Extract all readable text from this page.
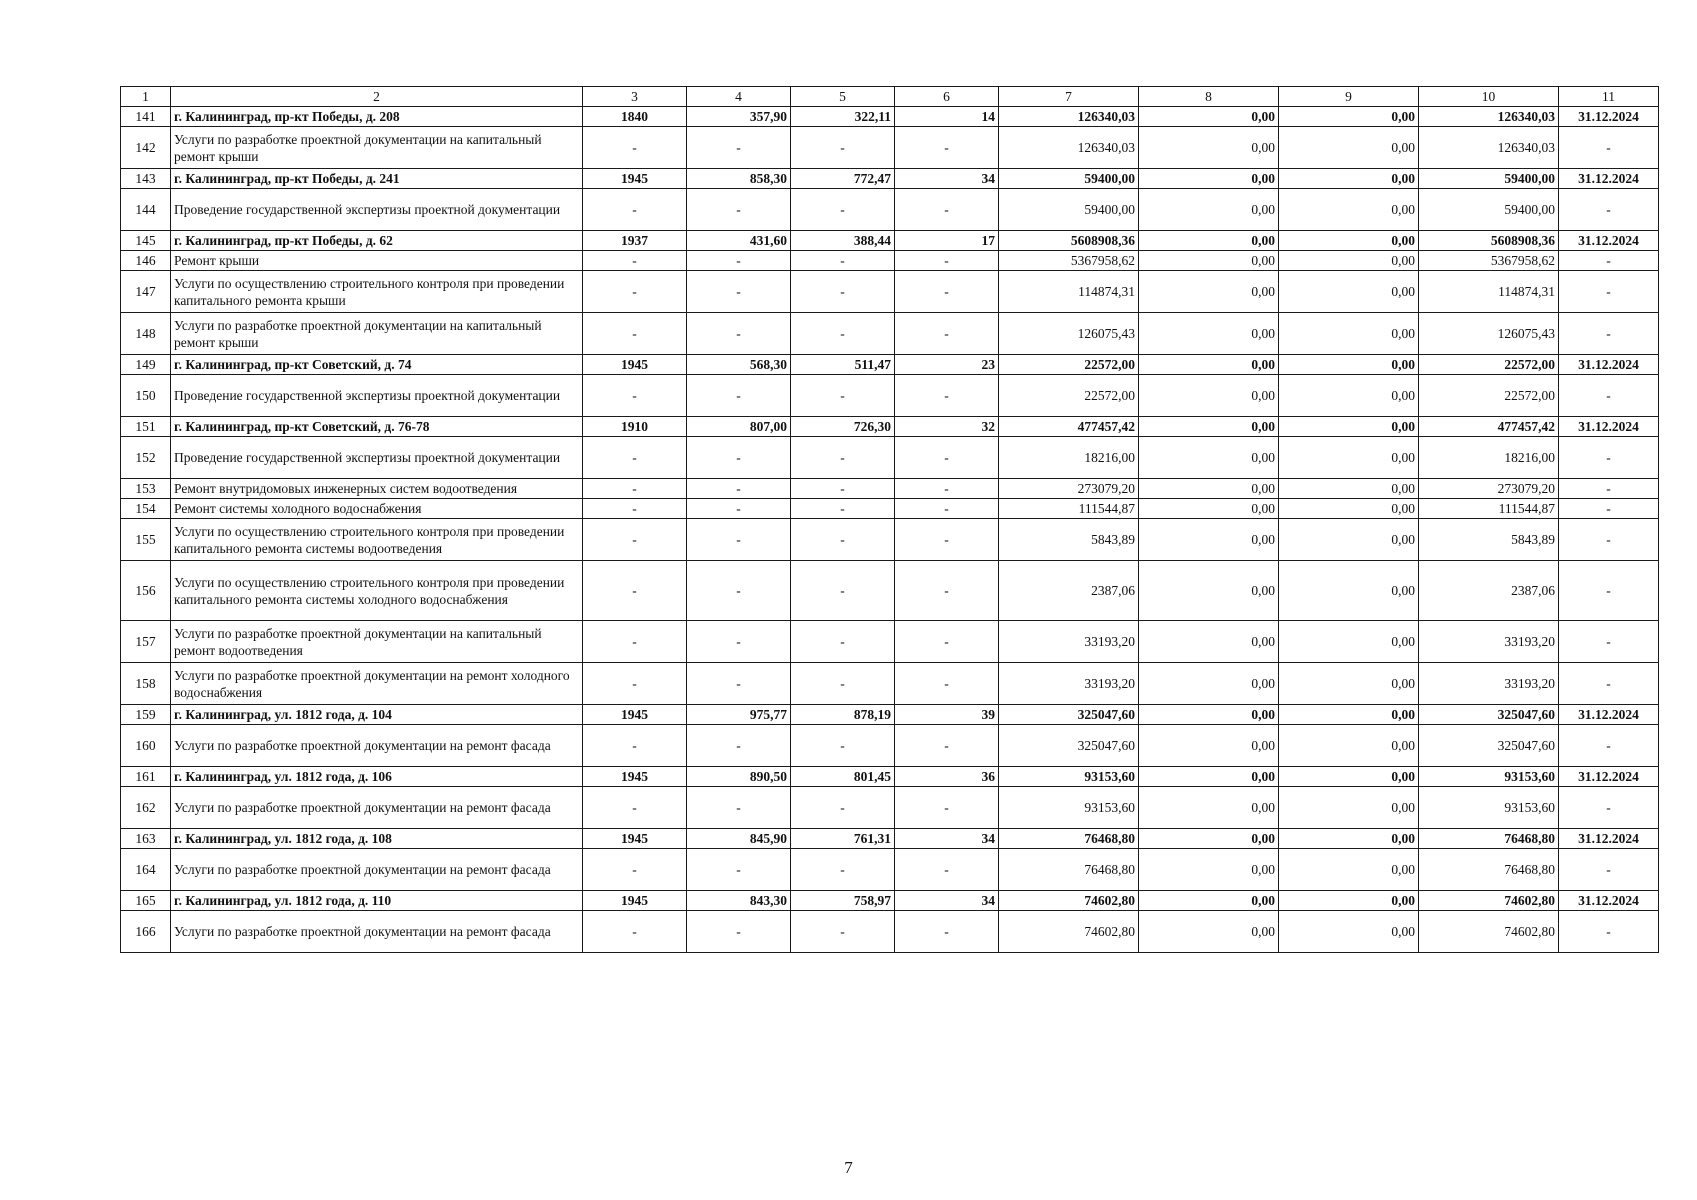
1	2	3	4	5	6	7	8	9	10	11
141	г. Калининград, пр-кт Победы, д. 208	1840	357,90	322,11	14	126340,03	0,00	0,00	126340,03	31.12.2024
142	Услуги по разработке проектной документации на капитальный ремонт крыши	-	-	-	-	126340,03	0,00	0,00	126340,03	-
143	г. Калининград, пр-кт Победы, д. 241	1945	858,30	772,47	34	59400,00	0,00	0,00	59400,00	31.12.2024
144	Проведение государственной экспертизы проектной документации	-	-	-	-	59400,00	0,00	0,00	59400,00	-
145	г. Калининград, пр-кт Победы, д. 62	1937	431,60	388,44	17	5608908,36	0,00	0,00	5608908,36	31.12.2024
146	Ремонт крыши	-	-	-	-	5367958,62	0,00	0,00	5367958,62	-
147	Услуги по осуществлению строительного контроля при проведении капитального ремонта крыши	-	-	-	-	114874,31	0,00	0,00	114874,31	-
148	Услуги по разработке проектной документации на капитальный ремонт крыши	-	-	-	-	126075,43	0,00	0,00	126075,43	-
149	г. Калининград, пр-кт Советский, д. 74	1945	568,30	511,47	23	22572,00	0,00	0,00	22572,00	31.12.2024
150	Проведение государственной экспертизы проектной документации	-	-	-	-	22572,00	0,00	0,00	22572,00	-
151	г. Калининград, пр-кт Советский, д. 76-78	1910	807,00	726,30	32	477457,42	0,00	0,00	477457,42	31.12.2024
152	Проведение государственной экспертизы проектной документации	-	-	-	-	18216,00	0,00	0,00	18216,00	-
153	Ремонт внутридомовых инженерных систем водоотведения	-	-	-	-	273079,20	0,00	0,00	273079,20	-
154	Ремонт системы холодного водоснабжения	-	-	-	-	111544,87	0,00	0,00	111544,87	-
155	Услуги по осуществлению строительного контроля при проведении капитального ремонта системы водоотведения	-	-	-	-	5843,89	0,00	0,00	5843,89	-
156	Услуги по осуществлению строительного контроля при проведении капитального ремонта системы холодного водоснабжения	-	-	-	-	2387,06	0,00	0,00	2387,06	-
157	Услуги по разработке проектной документации на капитальный ремонт водоотведения	-	-	-	-	33193,20	0,00	0,00	33193,20	-
158	Услуги по разработке проектной документации на ремонт холодного водоснабжения	-	-	-	-	33193,20	0,00	0,00	33193,20	-
159	г. Калининград, ул. 1812 года, д. 104	1945	975,77	878,19	39	325047,60	0,00	0,00	325047,60	31.12.2024
160	Услуги по разработке проектной документации на ремонт фасада	-	-	-	-	325047,60	0,00	0,00	325047,60	-
161	г. Калининград, ул. 1812 года, д. 106	1945	890,50	801,45	36	93153,60	0,00	0,00	93153,60	31.12.2024
162	Услуги по разработке проектной документации на ремонт фасада	-	-	-	-	93153,60	0,00	0,00	93153,60	-
163	г. Калининград, ул. 1812 года, д. 108	1945	845,90	761,31	34	76468,80	0,00	0,00	76468,80	31.12.2024
164	Услуги по разработке проектной документации на ремонт фасада	-	-	-	-	76468,80	0,00	0,00	76468,80	-
165	г. Калининград, ул. 1812 года, д. 110	1945	843,30	758,97	34	74602,80	0,00	0,00	74602,80	31.12.2024
166	Услуги по разработке проектной документации на ремонт фасада	-	-	-	-	74602,80	0,00	0,00	74602,80	-
7
